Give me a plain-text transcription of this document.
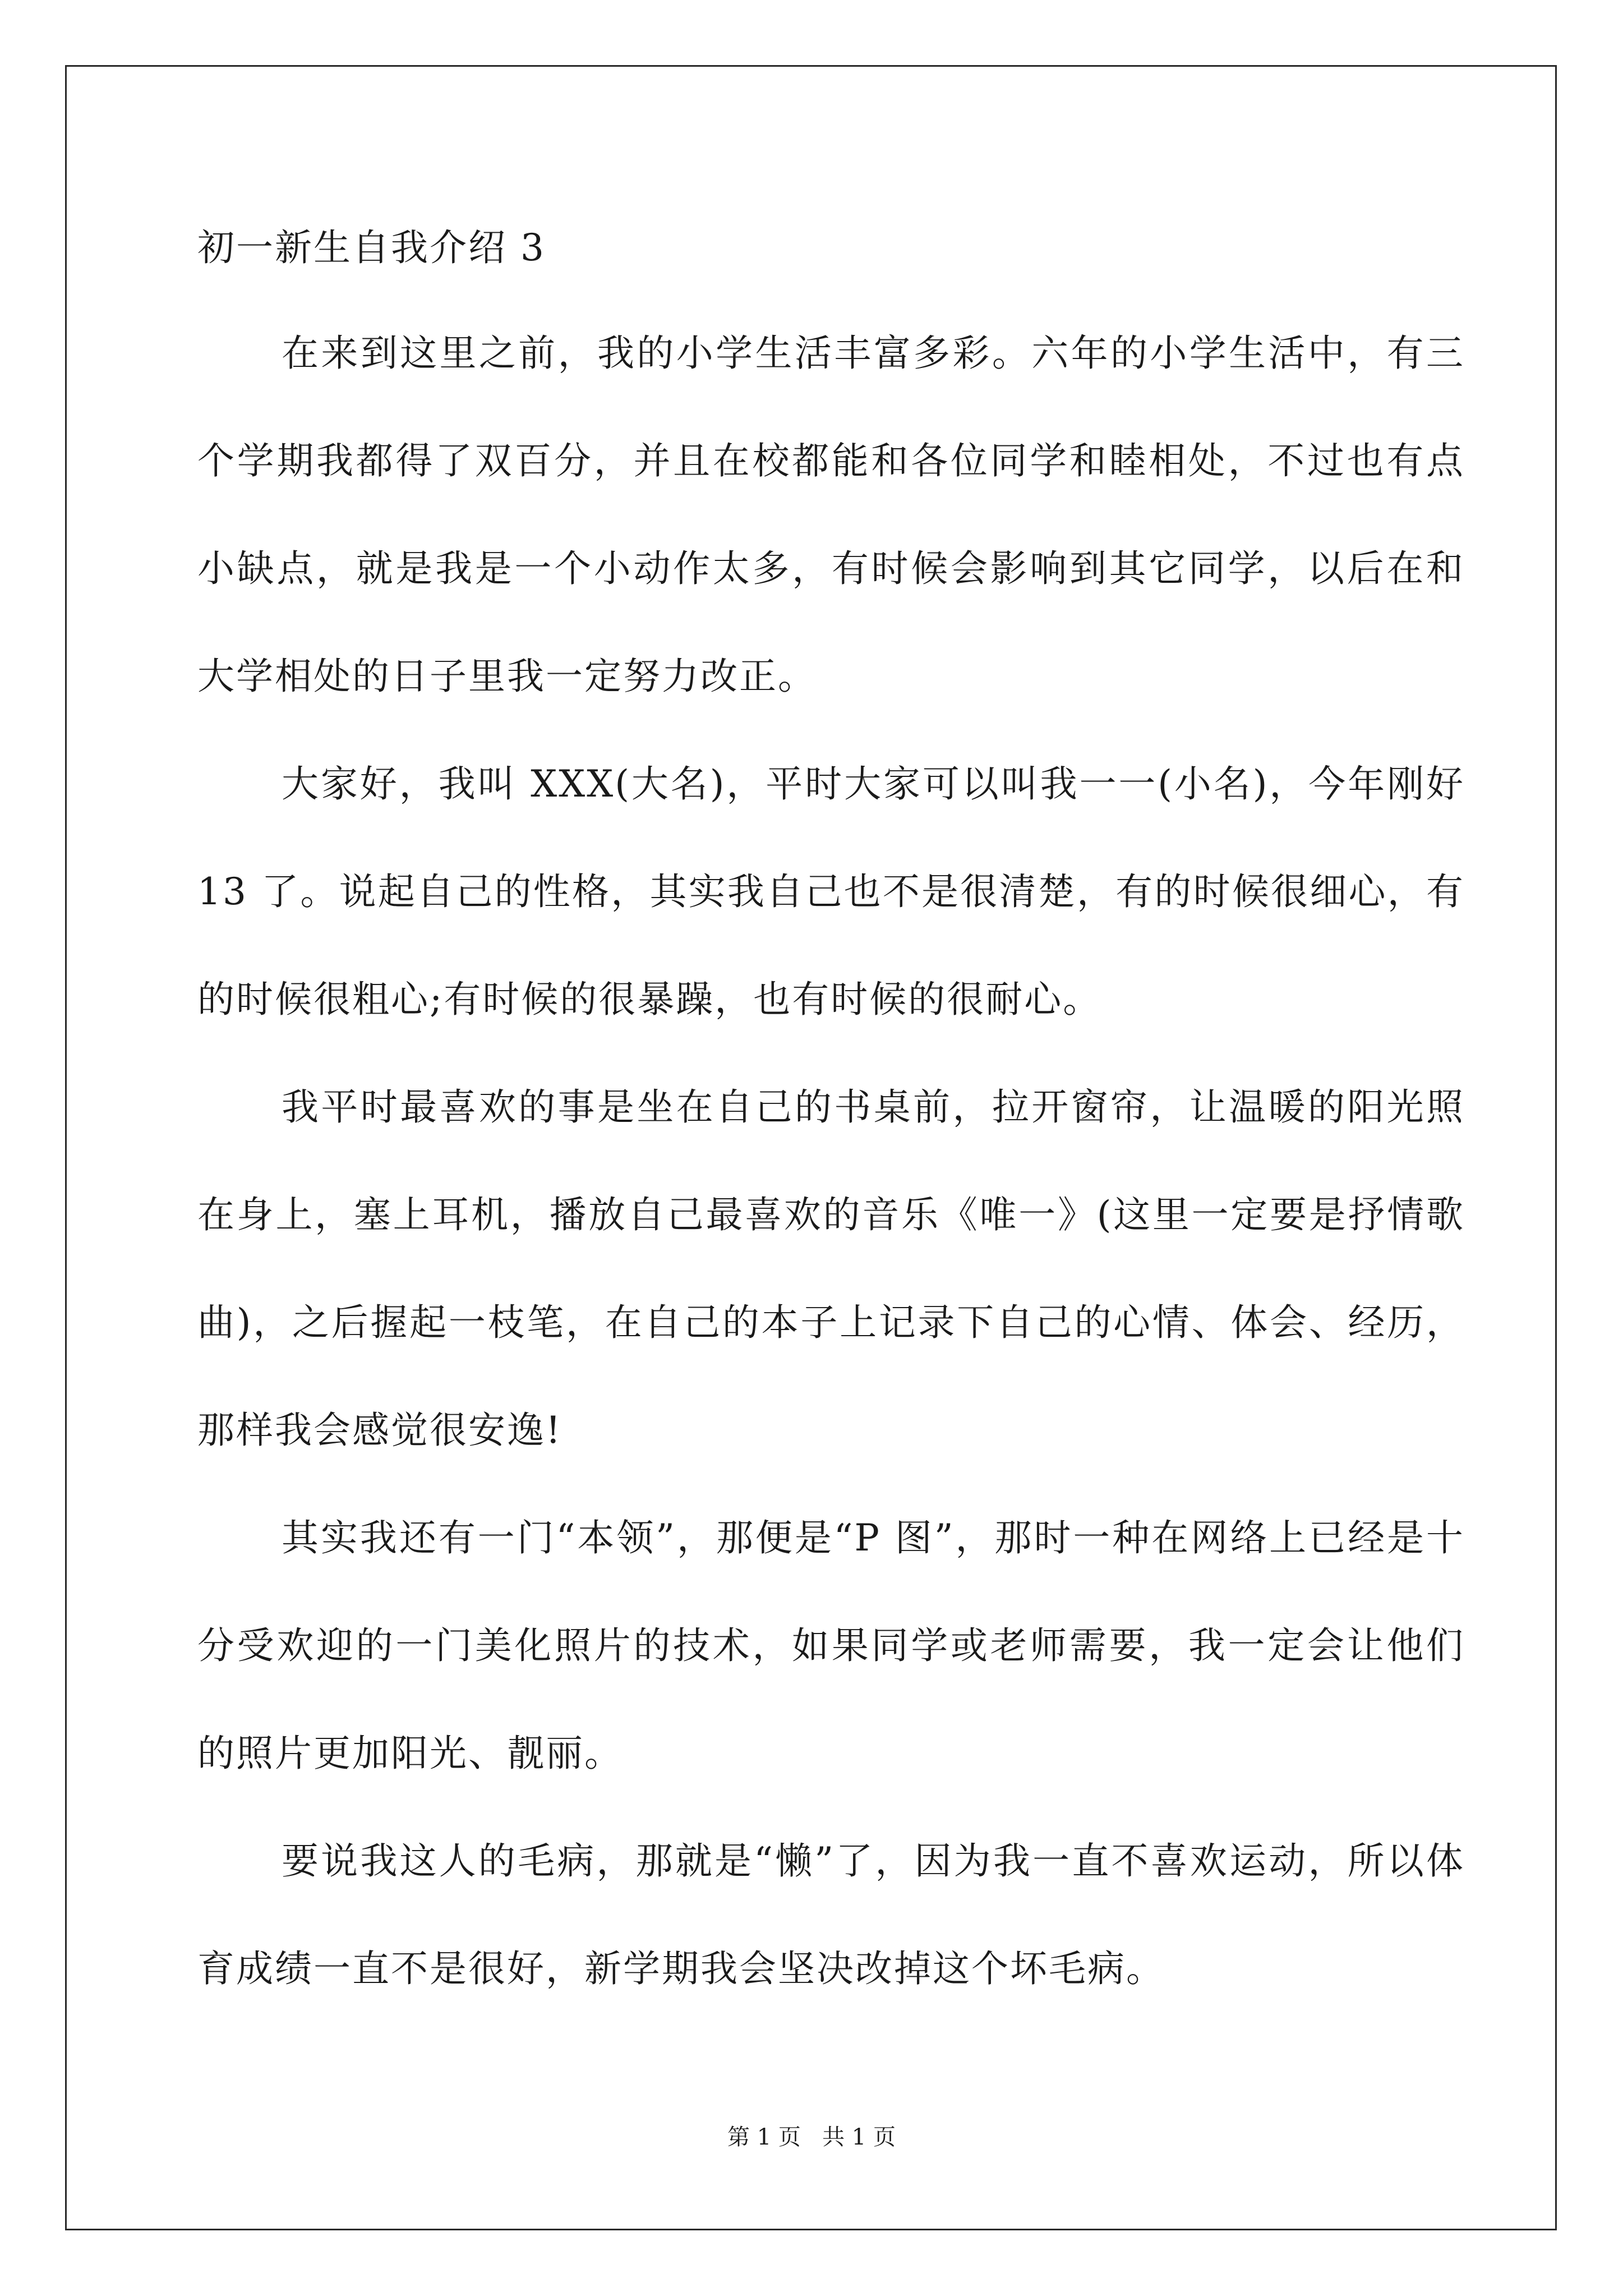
初一新生自我介绍 3

在来到这里之前，我的小学生活丰富多彩。六年的小学生活中，有三个学期我都得了双百分，并且在校都能和各位同学和睦相处，不过也有点小缺点，就是我是一个小动作太多，有时候会影响到其它同学，以后在和大学相处的日子里我一定努力改正。

大家好，我叫 XXX(大名)，平时大家可以叫我一一(小名)，今年刚好 13 了。说起自己的性格，其实我自己也不是很清楚，有的时候很细心，有的时候很粗心;有时候的很暴躁，也有时候的很耐心。

我平时最喜欢的事是坐在自己的书桌前，拉开窗帘，让温暖的阳光照在身上，塞上耳机，播放自己最喜欢的音乐《唯一》(这里一定要是抒情歌曲)，之后握起一枝笔，在自己的本子上记录下自己的心情、体会、经历，那样我会感觉很安逸!

其实我还有一门“本领”，那便是“P 图”，那时一种在网络上已经是十分受欢迎的一门美化照片的技术，如果同学或老师需要，我一定会让他们的照片更加阳光、靓丽。

要说我这人的毛病，那就是“懒”了，因为我一直不喜欢运动，所以体育成绩一直不是很好，新学期我会坚决改掉这个坏毛病。

第 1 页   共 1 页
